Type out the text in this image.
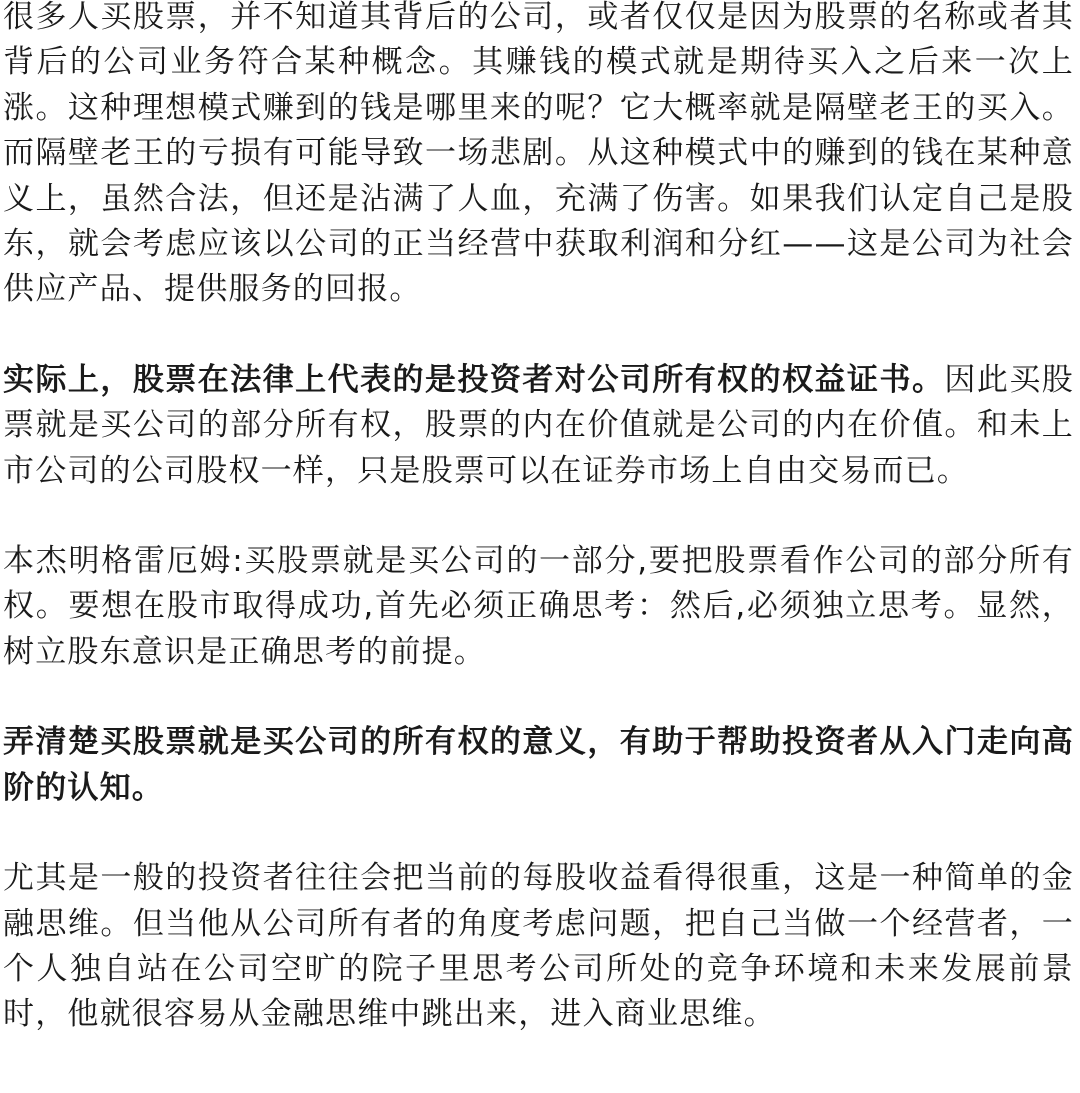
很多人买股票，并不知道其背后的公司，或者仅仅是因为股票的名称或者其背后的公司业务符合某种概念。其赚钱的模式就是期待买入之后来一次上涨。这种理想模式赚到的钱是哪里来的呢？它大概率就是隔壁老王的买入。而隔壁老王的亏损有可能导致一场悲剧。从这种模式中的赚到的钱在某种意义上，虽然合法，但还是沾满了人血，充满了伤害。如果我们认定自己是股东，就会考虑应该以公司的正当经营中获取利润和分红——这是公司为社会供应产品、提供服务的回报。

实际上，股票在法律上代表的是投资者对公司所有权的权益证书。因此买股票就是买公司的部分所有权，股票的内在价值就是公司的内在价值。和未上市公司的公司股权一样，只是股票可以在证券市场上自由交易而已。

本杰明格雷厄姆:买股票就是买公司的一部分,要把股票看作公司的部分所有权。要想在股市取得成功,首先必须正确思考：然后,必须独立思考。显然，树立股东意识是正确思考的前提。

弄清楚买股票就是买公司的所有权的意义，有助于帮助投资者从入门走向高阶的认知。

尤其是一般的投资者往往会把当前的每股收益看得很重，这是一种简单的金融思维。但当他从公司所有者的角度考虑问题，把自己当做一个经营者，一个人独自站在公司空旷的院子里思考公司所处的竞争环境和未来发展前景时，他就很容易从金融思维中跳出来，进入商业思维。
